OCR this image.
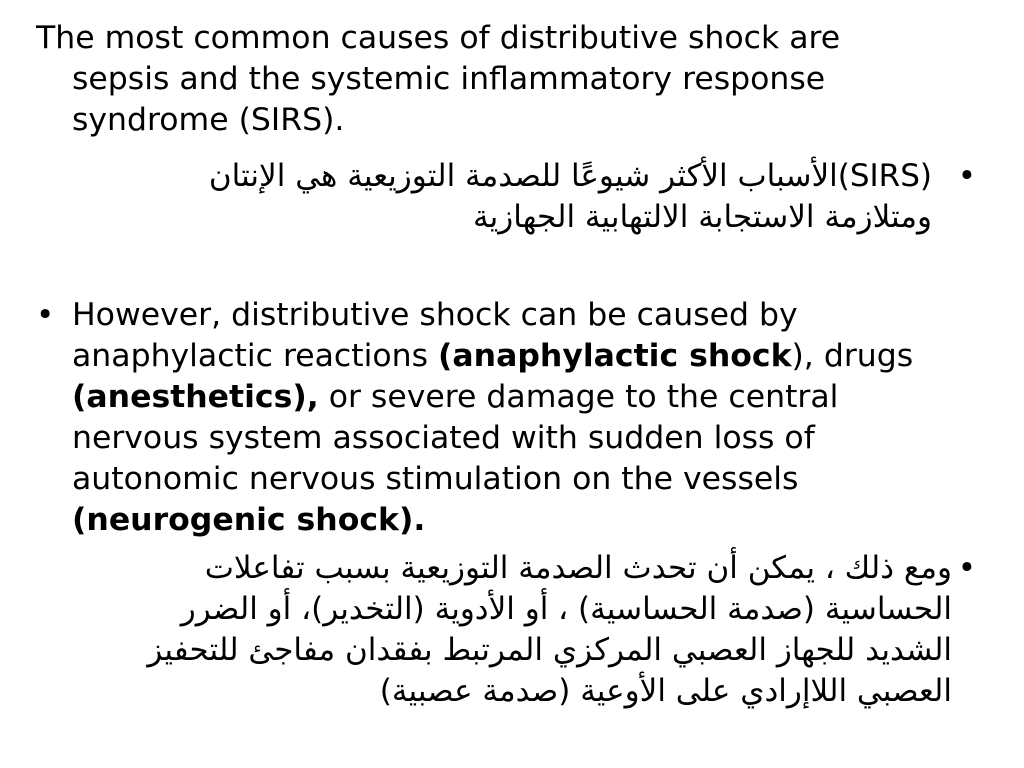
The most common causes of distributive shock are
sepsis and the systemic inflammatory response
syndrome (SIRS).
•
(SIRS)الأسباب الأكثر شيوعًا للصدمة التوزيعية هي الإنتان
ومتلازمة الاستجابة الالتهابية الجهازية
• However, distributive shock can be caused by
anaphylactic reactions (anaphylactic shock), drugs
(anesthetics), or severe damage to the central
nervous system associated with sudden loss of
autonomic nervous stimulation on the vessels
(neurogenic shock).
•
ومع ذلك ، يمكن أن تحدث الصدمة التوزيعية بسبب تفاعلات
الحساسية (صدمة الحساسية) ، أو الأدوية (التخدير)، أو الضرر
الشديد للجهاز العصبي المركزي المرتبط بفقدان مفاجئ للتحفيز
العصبي اللاإرادي على الأوعية (صدمة عصبية)
